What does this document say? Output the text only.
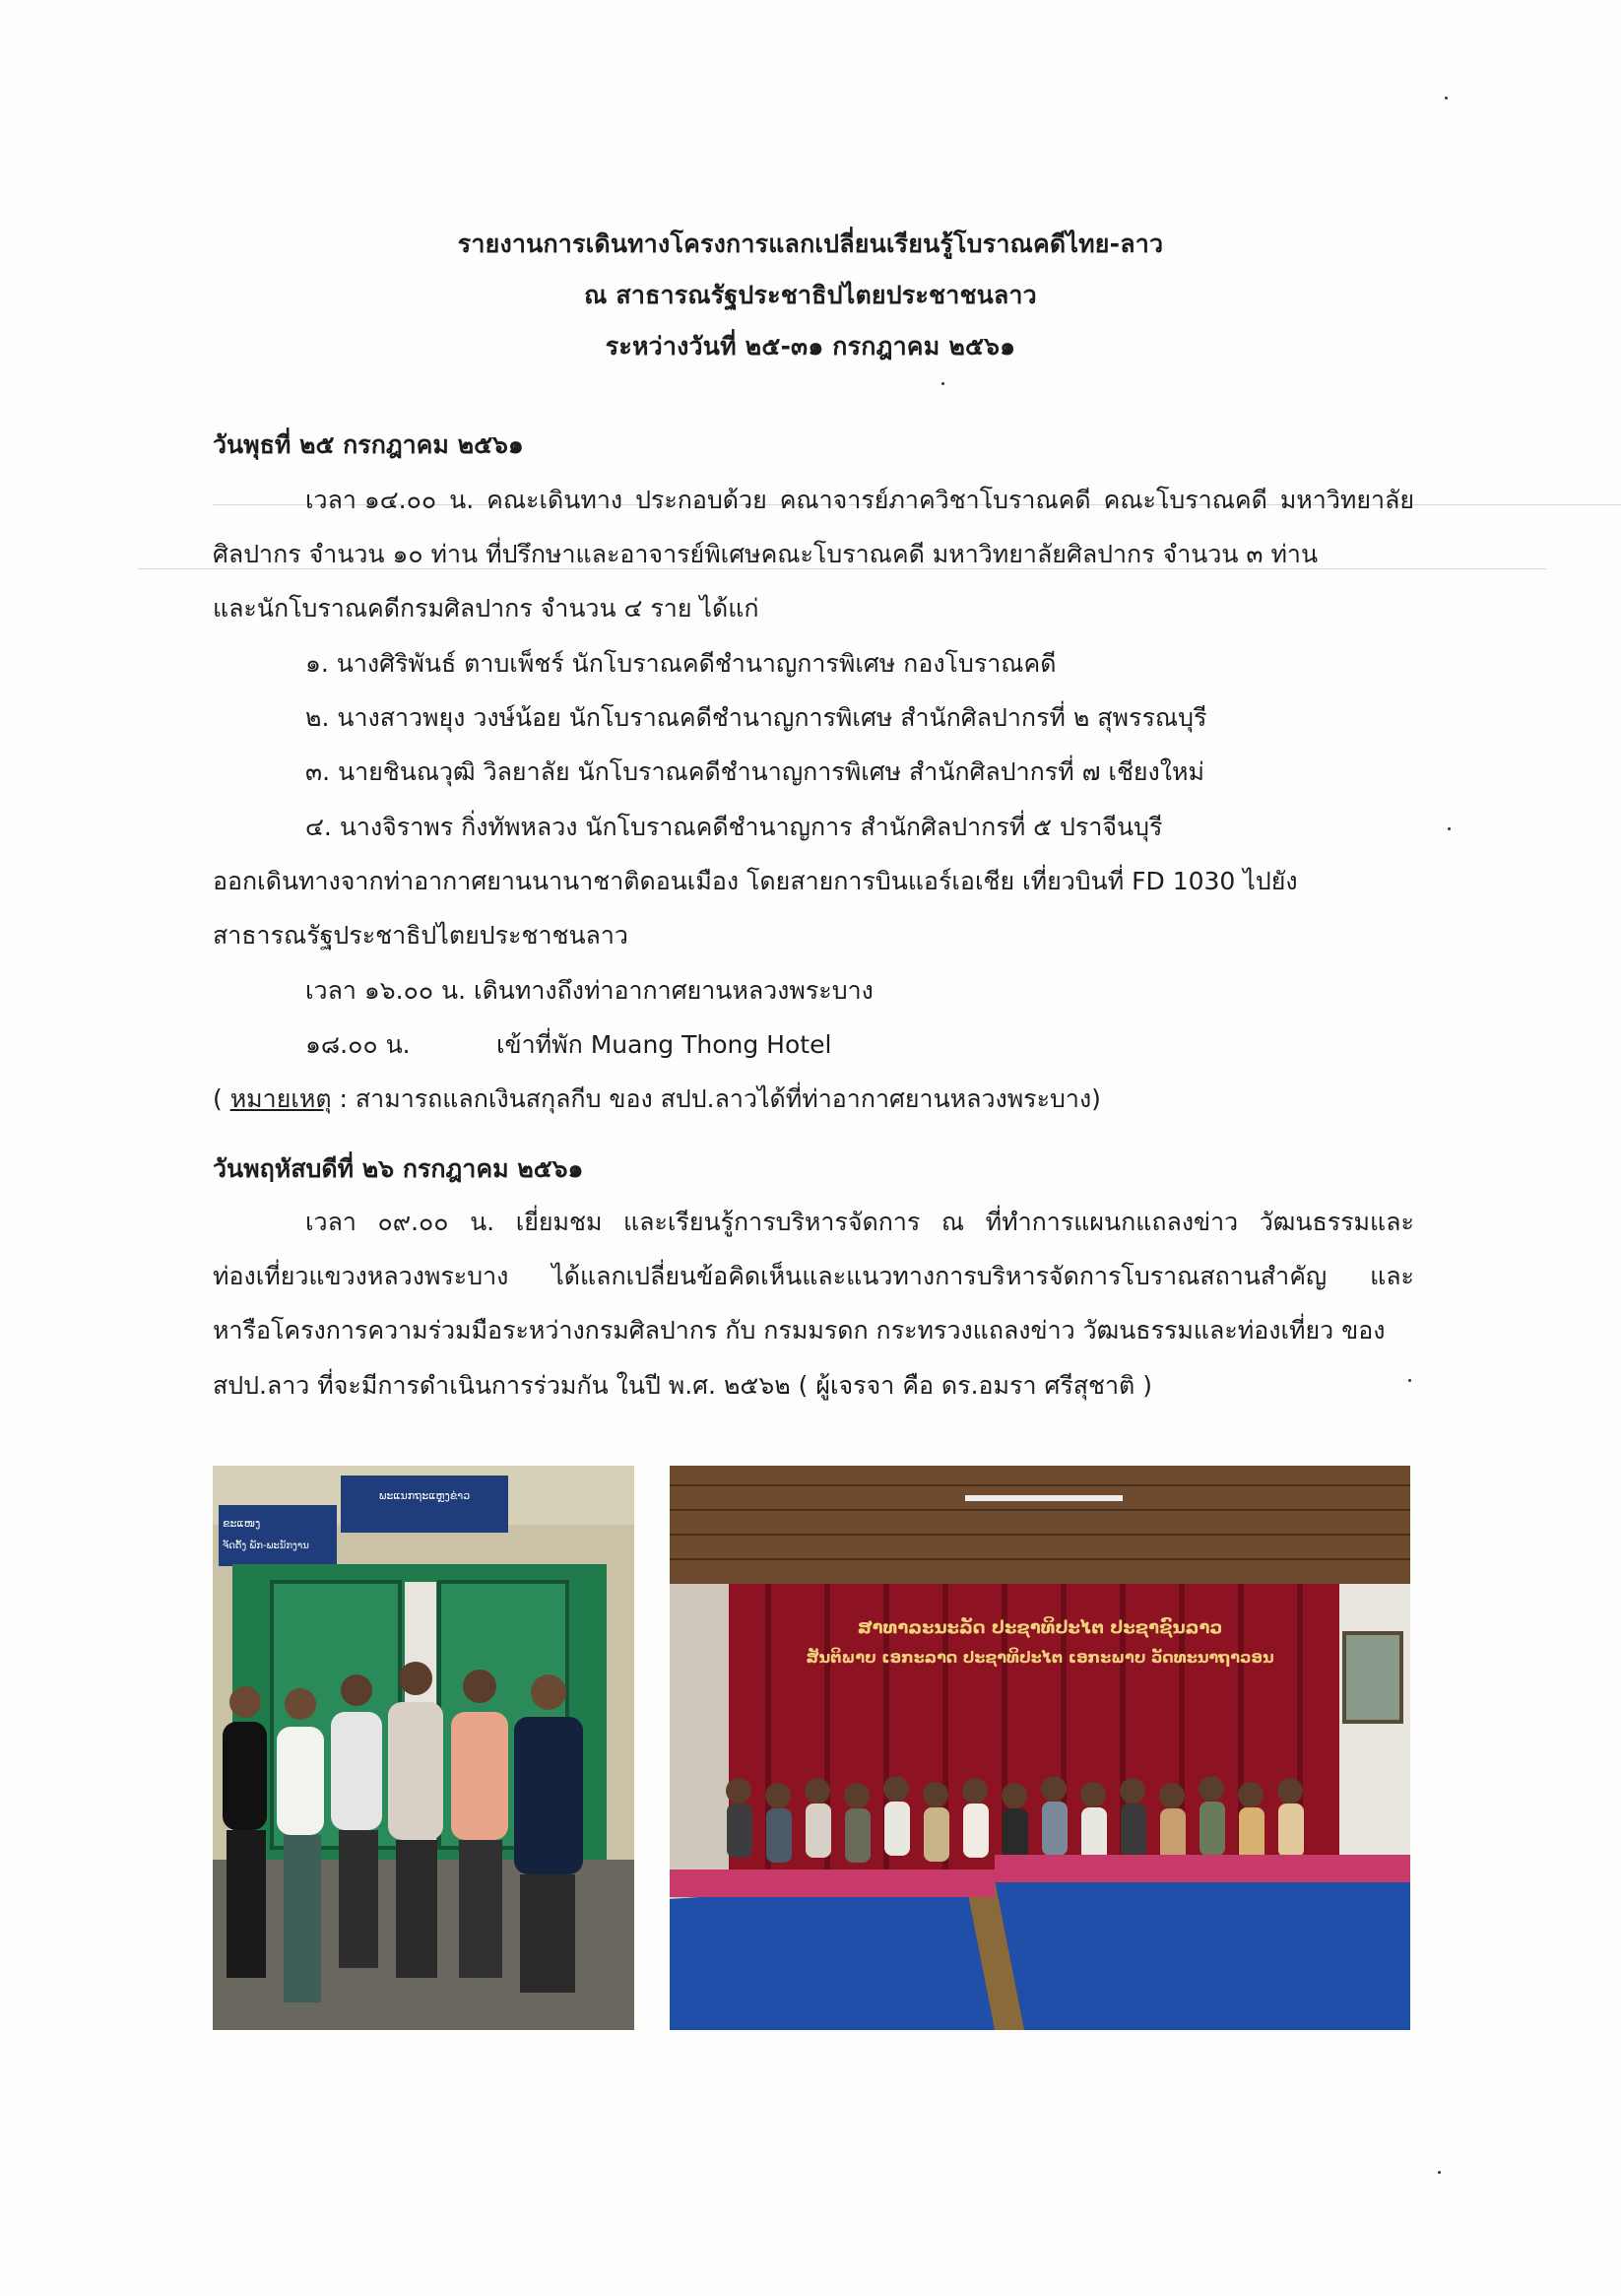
รายงานการเดินทางโครงการแลกเปลี่ยนเรียนรู้โบราณคดีไทย-ลาว
ณ สาธารณรัฐประชาธิปไตยประชาชนลาว
ระหว่างวันที่ ๒๕-๓๑ กรกฎาคม ๒๕๖๑
วันพุธที่ ๒๕ กรกฎาคม ๒๕๖๑
เวลา ๑๔.๐๐ น. คณะเดินทาง ประกอบด้วย คณาจารย์ภาควิชาโบราณคดี คณะโบราณคดี มหาวิทยาลัย
ศิลปากร จำนวน ๑๐ ท่าน ที่ปรึกษาและอาจารย์พิเศษคณะโบราณคดี มหาวิทยาลัยศิลปากร จำนวน ๓ ท่าน
และนักโบราณคดีกรมศิลปากร จำนวน ๔ ราย ได้แก่
๑. นางศิริพันธ์ ตาบเพ็ชร์ นักโบราณคดีชำนาญการพิเศษ กองโบราณคดี
๒. นางสาวพยุง วงษ์น้อย นักโบราณคดีชำนาญการพิเศษ สำนักศิลปากรที่ ๒ สุพรรณบุรี
๓. นายชินณวุฒิ วิลยาลัย นักโบราณคดีชำนาญการพิเศษ สำนักศิลปากรที่ ๗ เชียงใหม่
๔. นางจิราพร กิ่งทัพหลวง นักโบราณคดีชำนาญการ สำนักศิลปากรที่ ๕ ปราจีนบุรี
ออกเดินทางจากท่าอากาศยานนานาชาติดอนเมือง โดยสายการบินแอร์เอเชีย เที่ยวบินที่ FD 1030 ไปยัง
สาธารณรัฐประชาธิปไตยประชาชนลาว
เวลา ๑๖.๐๐ น. เดินทางถึงท่าอากาศยานหลวงพระบาง
๑๘.๐๐ น.	เข้าที่พัก Muang Thong Hotel
( หมายเหตุ : สามารถแลกเงินสกุลกีบ ของ สปป.ลาวได้ที่ท่าอากาศยานหลวงพระบาง)
วันพฤหัสบดีที่ ๒๖ กรกฎาคม ๒๕๖๑
เวลา ๐๙.๐๐ น. เยี่ยมชม และเรียนรู้การบริหารจัดการ ณ ที่ทำการแผนกแถลงข่าว วัฒนธรรมและ
ท่องเที่ยวแขวงหลวงพระบาง ได้แลกเปลี่ยนข้อคิดเห็นและแนวทางการบริหารจัดการโบราณสถานสำคัญ และ
หารือโครงการความร่วมมือระหว่างกรมศิลปากร กับ กรมมรดก กระทรวงแถลงข่าว วัฒนธรรมและท่องเที่ยว ของ
สปป.ลาว ที่จะมีการดำเนินการร่วมกัน ในปี พ.ศ. ๒๕๖๒ ( ผู้เจรจา คือ ดร.อมรา ศรีสุชาติ )
ພະແນກຖະແຫຼງຂ່າວ
ຂະແໜງ
ຈັດຕັ້ງ ພັກ-ພະນັກງານ
ສາທາລະນະລັດ ປະຊາທິປະໄຕ ປະຊາຊົນລາວ
ສັນຕິພາບ ເອກະລາດ ປະຊາທິປະໄຕ ເອກະພາບ ວັດທະນາຖາວອນ
